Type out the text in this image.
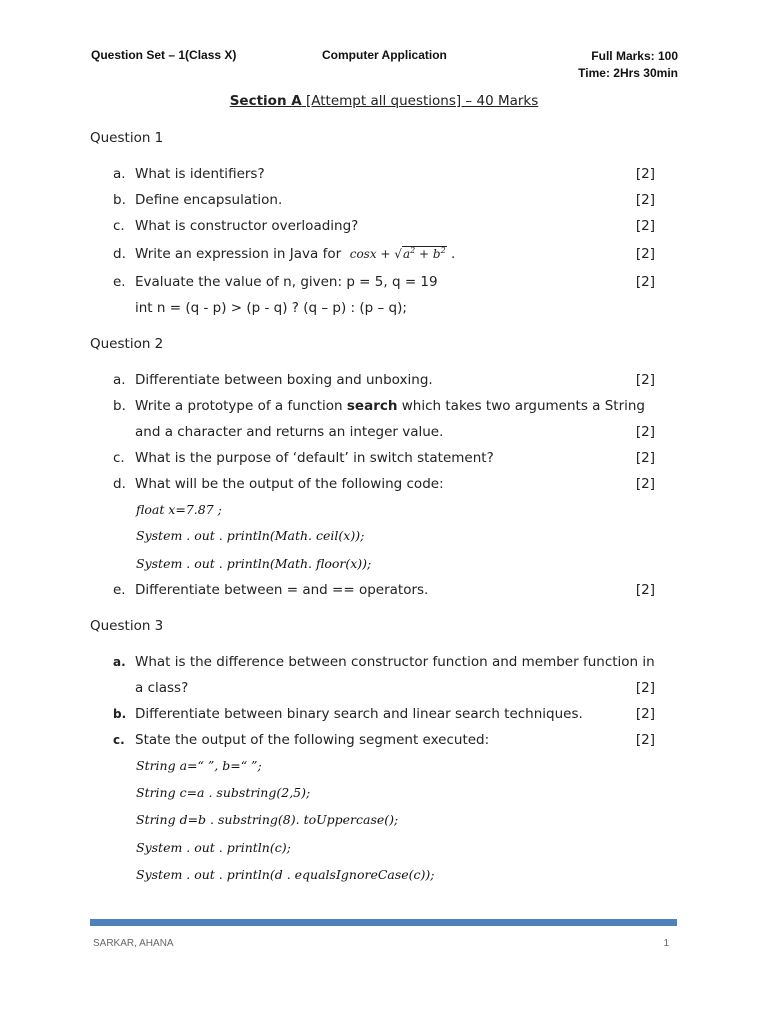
Question Set – 1(Class X)	Computer Application	Full Marks: 100
Time: 2Hrs 30min
Section A [Attempt all questions] – 40 Marks
Question 1
a. What is identifiers?	[2]
b. Define encapsulation.	[2]
c. What is constructor overloading?	[2]
d. Write an expression in Java for $\cos x + √a^2 + b^2$ .	[2]
e. Evaluate the value of n, given: p = 5, q = 19	[2]
int n = (q - p) > (p - q) ? (q – p) : (p – q);
Question 2
a. Differentiate between boxing and unboxing.	[2]
b. Write a prototype of a function search which takes two arguments a String
and a character and returns an integer value.	[2]
c. What is the purpose of ‘default’ in switch statement?	[2]
d. What will be the output of the following code:	[2]
float x=7.87 ;
System . out . println(Math. ceil(x));
System . out . println(Math. floor(x));
e. Differentiate between = and == operators.	[2]
Question 3
a. What is the difference between constructor function and member function in
a class?	[2]
b. Differentiate between binary search and linear search techniques.	[2]
c. State the output of the following segment executed:	[2]
String a=“ ”, b=“ ”;
String c=a . substring(2,5);
String d=b . substring(8). toUppercase();
System . out . println(c);
System . out . println(d . equalsIgnoreCase(c));
SARKAR, AHANA	1
